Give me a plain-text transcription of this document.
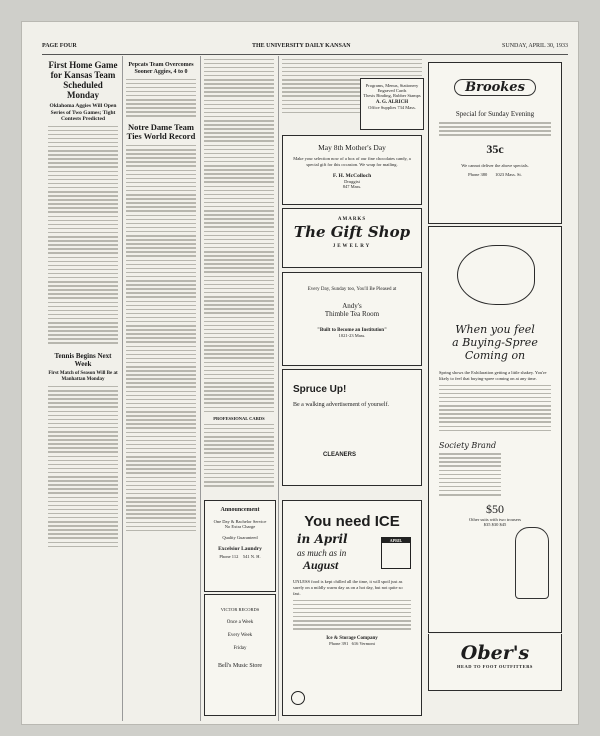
PAGE FOUR	THE UNIVERSITY DAILY KANSAN	SUNDAY, APRIL 30, 1933
First Home Game for Kansas Team Scheduled Monday
Oklahoma Aggies Will Open Series of Two Games; Tight Contests Predicted
Tennis Begins Next Week
First Match of Season Will Be at Manhattan Monday
Pepcats Team Overcomes Sooner Aggies, 4 to 0
Notre Dame Team Ties World Record
PROFESSIONAL CARDS
Announcement
One Day & Bachelor Service
No Extra Charge
Quality Guaranteed
Excelsior Laundry
Phone 112 541 N. H.
VICTOR RECORDS
Once a Week
Every Week
Friday
Bell's Music Store
Programs, Menus, Stationery
Engraved Cards
Thesis Binding, Rubber Stamps
A. G. ALRICH
Office Supplies 734 Mass.
May 8th Mother's Day
Make your selection now of a box of our fine chocolates candy, a special gift for this occasion. We wrap for mailing.
F. H. McColloch
Druggist
847 Mass.
AMARKS
The Gift Shop
JEWELRY
Every Day, Sunday too, You'll Be Pleased at
Andy's
Thimble Tea Room
"Built to Become an Institution"
1021-23 Mass.
Spruce Up!
Be a walking advertisement of yourself.
CLEANERS
You need ICE
in April
as much as in
August
APRIL
UNLESS food is kept chilled all the time, it will spoil just as surely on a mildly warm day as on a hot day, but not quite so fast.
Ice & Storage Company
Phone 391 616 Vermont
Brookes
Special for Sunday Evening
35c
We cannot deliver the above specials.
Phone 380 1023 Mass. St.
When you feel
a Buying-Spree
Coming on
Spring shows the Exhilaration getting a little shakey. You're likely to feel that buying-spree coming on at any time.
Society Brand
$50
Other suits with two trousers
$35 $30 $45
Ober's
HEAD TO FOOT OUTFITTERS
